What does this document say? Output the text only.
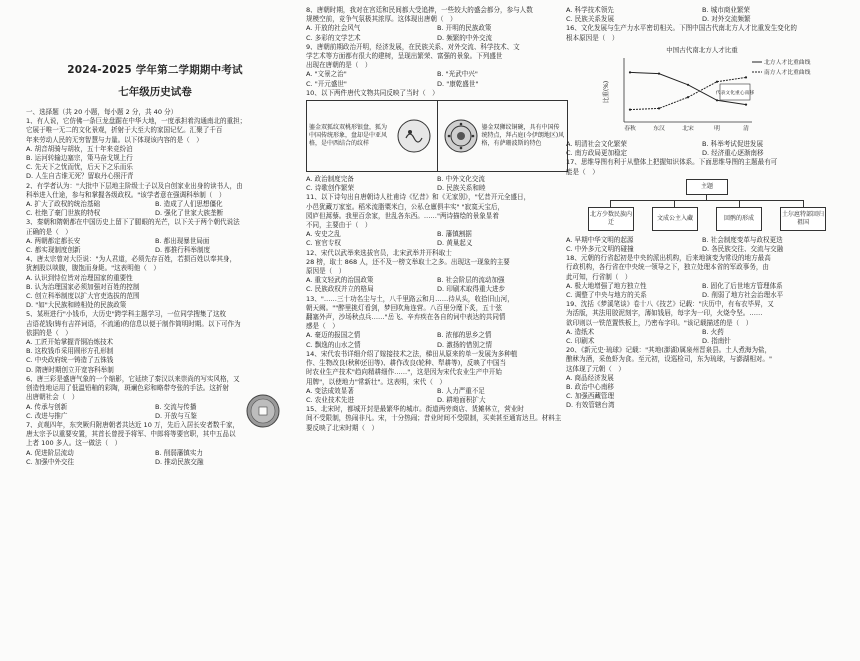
2024-2025 学年第二学期期中考试
七年级历史试卷
一、选择题（共 20 小题，每小题 2 分，共 40 分）
1、有人说，它仿佛一条巨龙盘踞在中华大地，一度承担着沟通南北的重担；
它展于唯一无二的文化景观，折射于大至大的家国记忆。汇聚了千百
年来劳动人民的无穷智慧与力量。以下体现该内容的是（　）
A. 胡音胡骑与胡妆，五十年来竞纷泊
B. 运河转输边塞宗，策马奋戈规上行
C. 先天下之忧而忧，后天下之乐而乐
D. 人生自古谁无死？留取丹心照汗青
2、有学者认为："大批中下层地主阶级士子以及自创家业出身的读书人，由
科举进入仕途，参与和掌握各级政权。"该学者意在强调科举制（　）
A. 扩大了政权的统治基础	B. 造成了人们思想僵化
C. 杜绝了豪门世族的特权	D. 强化了世家大族垄断
3、秦朝和隋朝都在中国历史上留下了腿眼的光芒，以下关于两个朝代说法
正确的是（　）
A. 两朝都定都长安	B. 都出现暴世局面
C. 都实现制度创新	D. 都推行科举制度
4、唐太宗曾对大臣说："为人君道，必须先存百姓，若损百姓以奉其身，
犹割股以啖腹，腹饱而身毙。"这表明他（　）
A. 认识到恃位皆对治理国家的重要性
B. 认为治理国家必须加强对百姓的控制
C. 创立科举制度以扩大官吏选拔的范围
D. "如"大民族和睦相处的民族政策
5、某班进行"小钱币，大历史"跨学科主题学习，一位同学搜集了这枚
吉语花钱(铸有吉祥词语，不流通)的信息以便于制作简明时期。以下可作为
依据的是（　）
A. 工匠开始掌握青铜冶炼技术
B. 这枚钱币采用圆形方孔形制
C. 中央政府统一铸造了五铢钱
D. 隋唐时期创立开宽容科举制
6、唐三彩是盛唐气象的一个缩影，它延续了秦汉以来崇尚的写实风格，又
创造性地运用了低温铅釉的彩陶，斑斓色彩和略带夸张的手法。这折射
出唐朝社会（　）
A. 传承与创新	B. 交流与传播
C. 改进与推广	D. 开放与互鉴
7、贞观四年，东突厥归附唐朝者共达近 10 万，先后入居长安者数千家，
唐太宗予以重要安置，其首长曾授予将军、中郎将等要官职，其中五品以
上者 100 多人。这一做法（　）
A. 促进阶层流动	B. 削弱藩镇实力
C. 加强中外交往	D. 推动民族交融
8、唐朝时期，我对在宫廷和民间都大受追捧，一些较大的盛会都分，参与人数
规模空前，竞争气氛极其浓厚。这体现出唐朝（　）
A. 开放的社会风气	B. 开明的民族政策
C. 多彩的文学艺术	D. 频繁的中外交流
9、唐朝前期政治开明，经济发展，在民族关系、对外交流、科学技术、文
学艺术等方面都有很大的建树，呈现出繁荣、富强的景象。下列盛世
出现在唐朝的是（　）
A. "文景之治"	B. "光武中兴"
C. "开元盛世"	D. "康乾盛世"
10、以下两件唐代文物共同反映了当时（　）
鎏金双狐纹双桃形银盘，狐为中国传统形象，盘却是中亚风格，是中西结合的纹样
鎏金双狮纹铜碗，具有中国传统特点，拜占庭(今伊朗地区)风格，有萨珊波斯的特色
A. 政治制度完备	B. 中外文化交流
C. 诗歌创作繁荣	D. 民族关系和睦
11、以下诗句出自唐朝诗人杜甫诗《忆昔》和《无家别》，"忆昔开元全盛日，
小邑犹藏万家室。稻米流脂粟米白，公私仓廪俱丰实" "寂寞天宝后，
园庐但蒿藜。我里百余家，世乱各东西。……"两诗描绘的景象显着
不同，主要由于（　）
A. 安史之乱	B. 藩镇割据
C. 宦官专权	D. 黄巢起义
12、宋代以武举来选拔官员，北宋武举并开科取士
28 榜，取士 868 人，还不及一榜文举取士之多。出现这一现象的主要
原因是（　）
A. 重文轻武的治国政策	B. 社会阶层的流动加强
C. 民族政权并立的格局	D. 印刷术取得重大进步
13、"……三十功名尘与土，八千里路云和月……待从头，收拾旧山河，
朝天阙。""醉里挑灯看剑，梦回吹角连营。八百里分麾下炙，五十弦
翻塞外声，沙场秋点兵……"岳飞、辛弃疾在各自的词中表达的共同情
感是（　）
A. 豪迈的报国之情	B. 浓郁的思乡之情
C. 飘逸的山水之情	D. 激扬的惜别之情
14、宋代农书详细介绍了嫁接技术之法，梯田从原来的单一发展为多种植
作、生物改良(秋种还田等)、耕作改良(轮种、犁耕等)，反映了中国当
时农业生产技术"趋向精耕细作……"，这是因为宋代农业生产中开始
用牌"，以使地力"常新壮"。这表明，宋代（　）
A. 变法成效显著	B. 人力严重不足
C. 农业技术先进	D. 耕地面积扩大
15、北宋时，都城开封是最繁华的城市。街道两旁商店、货摊林立，营业时
间不受限制，热闹非凡。宋，十分热闹；昔业时间不受限制，买卖甚至通宵达旦。材料主
要反映了北宋时期（　）
A. 科学技术领先	B. 城市商业繁荣
C. 民族关系发展	D. 对外交流频繁
16、文化发展与生产力水平密切相关。下图中国古代南北方人才比重发生变化的
根本原因是（　）
中国古代南北方人才比重
比重(%)
春秋	东汉	北宋	明	清
北方人才比重曲线
南方人才比重曲线
代表文化重心南移
A. 明清社会文化繁荣	B. 科举考试促进发展
C. 南方政局更加稳定	D. 经济重心逐渐南移
17、思维导图有利于从整体上把握知识体系。下面思维导图的主题最有可
能是（　）
主题
北方少数民族内迁
文成公主入藏	回鹘的形成
土尔扈特部回归祖国
A. 早期中华文明的起源	B. 社会制度变革与政权更迭
C. 中外多元文明的碰撞	D. 各民族交往、交流与交融
18、元朝的行省起初是中央的派出机构，后来地演变为常设的地方最高
行政机构，各行省在中央统一领导之下，独立处理本省的军政事务，由
此可知，行省制（　）
A. 极大地增强了地方独立性	B. 固化了后世地方管理体系
C. 调整了中央与地方的关系	D. 削弱了地方社会治理水平
19、沈括《梦溪笔谈》卷十八《技艺》记载："庆历中，有布衣毕昇，又
为活版，其法用胶泥刻字，薄如钱唇，每字为一印，火烧令坚。……
欲印则以一铁范置铁板上，乃密布字印。"该记载描述的是（　）
A. 造纸术	B. 火药
C. 印刷术	D. 指南针
20、《新元史·琉球》记载："其地(澎湖)属泉州晋泉县。土人煮海为盐，
酿秫为酒，采鱼虾为食。至元初，设巡检司，东为琉球，与澎湖相对。"
这体现了元朝（　）
A. 商品经济发展
B. 政治中心南移
C. 加强西藏管理
D. 有效管辖台湾
